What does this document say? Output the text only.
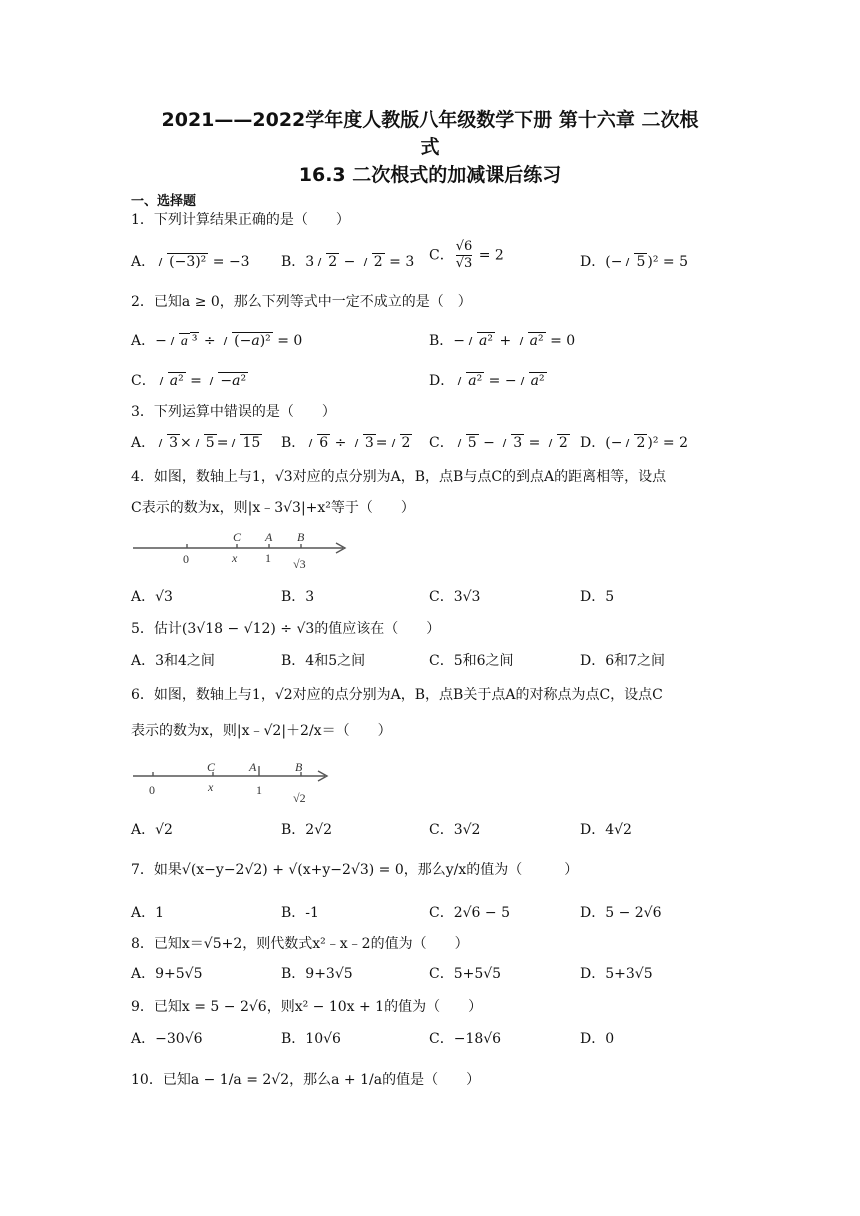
2021——2022学年度人教版八年级数学下册 第十六章 二次根
式
16.3 二次根式的加减课后练习
一、选择题
1．下列计算结果正确的是（　　）
A． (−3)² = −3 B．3 2 − 2 = 3 C． $\frac{√6}{√3} = 2$	D．(− 5 )² = 5
2．已知a ≥ 0，那么下列等式中一定不成立的是（　）
A．− a ³ ÷ (−a)² = 0	B．− a² + a² = 0
C． a² = −a²	D． a² = − a²
3．下列运算中错误的是（　　）
A． 3 × 5 = 15 B． 6 ÷ 3 = 2 C． 5 − 3 = 2 D．(− 2 )² = 2
4．如图，数轴上与1，√3对应的点分别为A，B，点B与点C的到点A的距离相等，设点
C表示的数为x，则|x﹣3√3|+x²等于（　　）
0	x 1 √3
C A B
A．√3	B．3	C．3√3	D．5
5．估计(3√18 − √12) ÷ √3的值应该在（　　）
A．3和4之间	B．4和5之间	C．5和6之间	D．6和7之间
6．如图，数轴上与1，√2对应的点分别为A，B，点B关于点A的对称点为点C，设点C
表示的数为x，则|x﹣√2|＋2/x＝（　　）
0	x	1
√2
C	A	B
A．√2	B．2√2	C．3√2	D．4√2
7．如果√(x−y−2√2) + √(x+y−2√3) = 0，那么y/x的值为（　　　）
A．1	B．-1	C．2√6 − 5	D．5 − 2√6
8．已知x＝√5+2，则代数式x²﹣x﹣2的值为（　　）
A．9+5√5	B．9+3√5	C．5+5√5	D．5+3√5
9．已知x = 5 − 2√6，则x² − 10x + 1的值为（　　）
A．−30√6	B．10√6	C．−18√6	D．0
10．已知a − 1/a = 2√2，那么a + 1/a的值是（　　）
